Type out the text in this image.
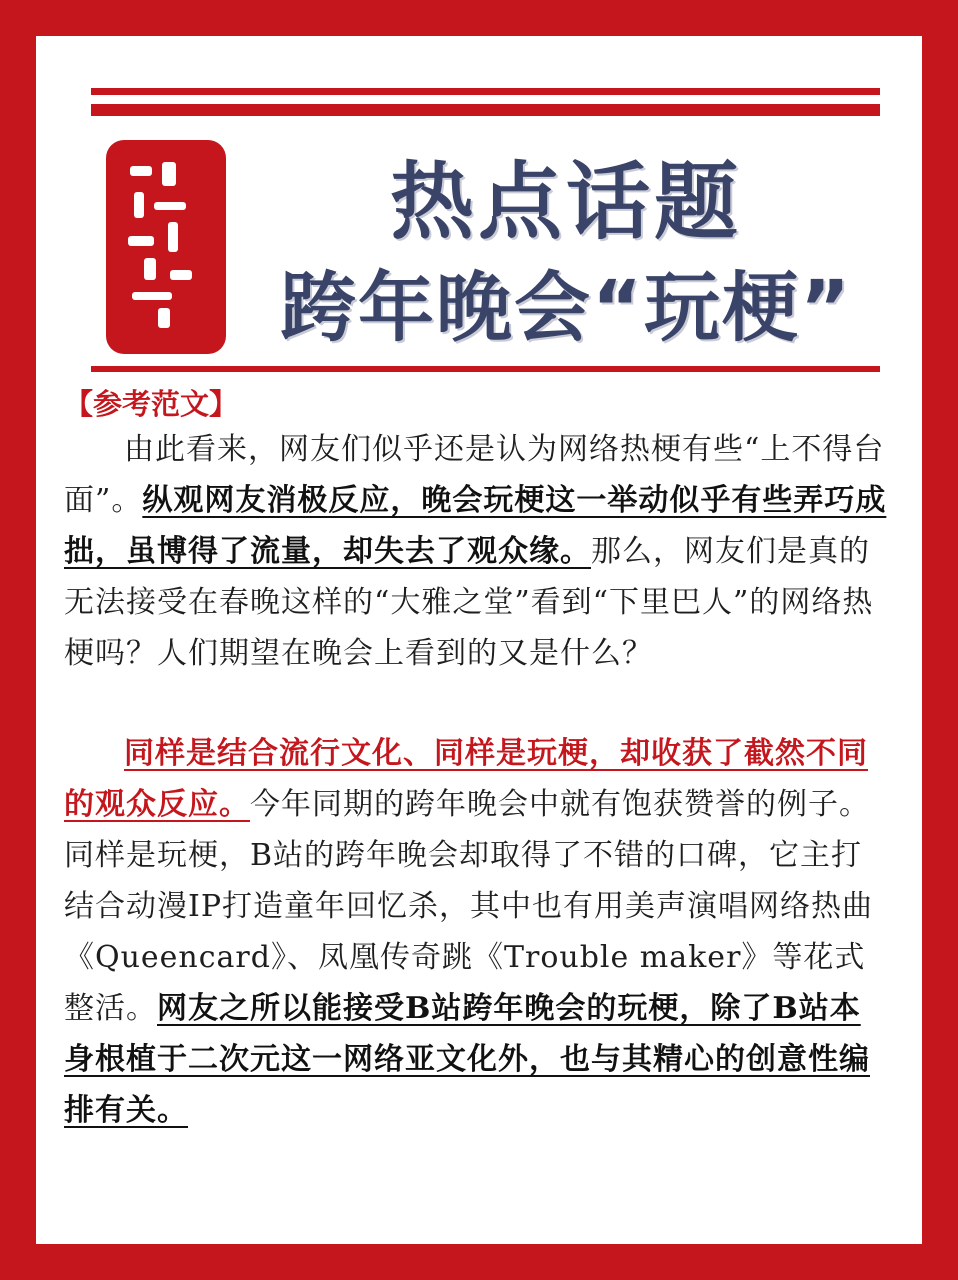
热点话题
跨年晚会“玩梗”
【参考范文】

由此看来，网友们似乎还是认为网络热梗有些“上不得台面”。纵观网友消极反应，晚会玩梗这一举动似乎有些弄巧成拙，虽博得了流量，却失去了观众缘。那么，网友们是真的无法接受在春晚这样的“大雅之堂”看到“下里巴人”的网络热梗吗？人们期望在晚会上看到的又是什么？

同样是结合流行文化、同样是玩梗，却收获了截然不同的观众反应。今年同期的跨年晚会中就有饱获赞誉的例子。同样是玩梗，B站的跨年晚会却取得了不错的口碑，它主打结合动漫IP打造童年回忆杀，其中也有用美声演唱网络热曲《Queencard》、凤凰传奇跳《Trouble maker》等花式整活。网友之所以能接受B站跨年晚会的玩梗，除了B站本身根植于二次元这一网络亚文化外，也与其精心的创意性编排有关。
